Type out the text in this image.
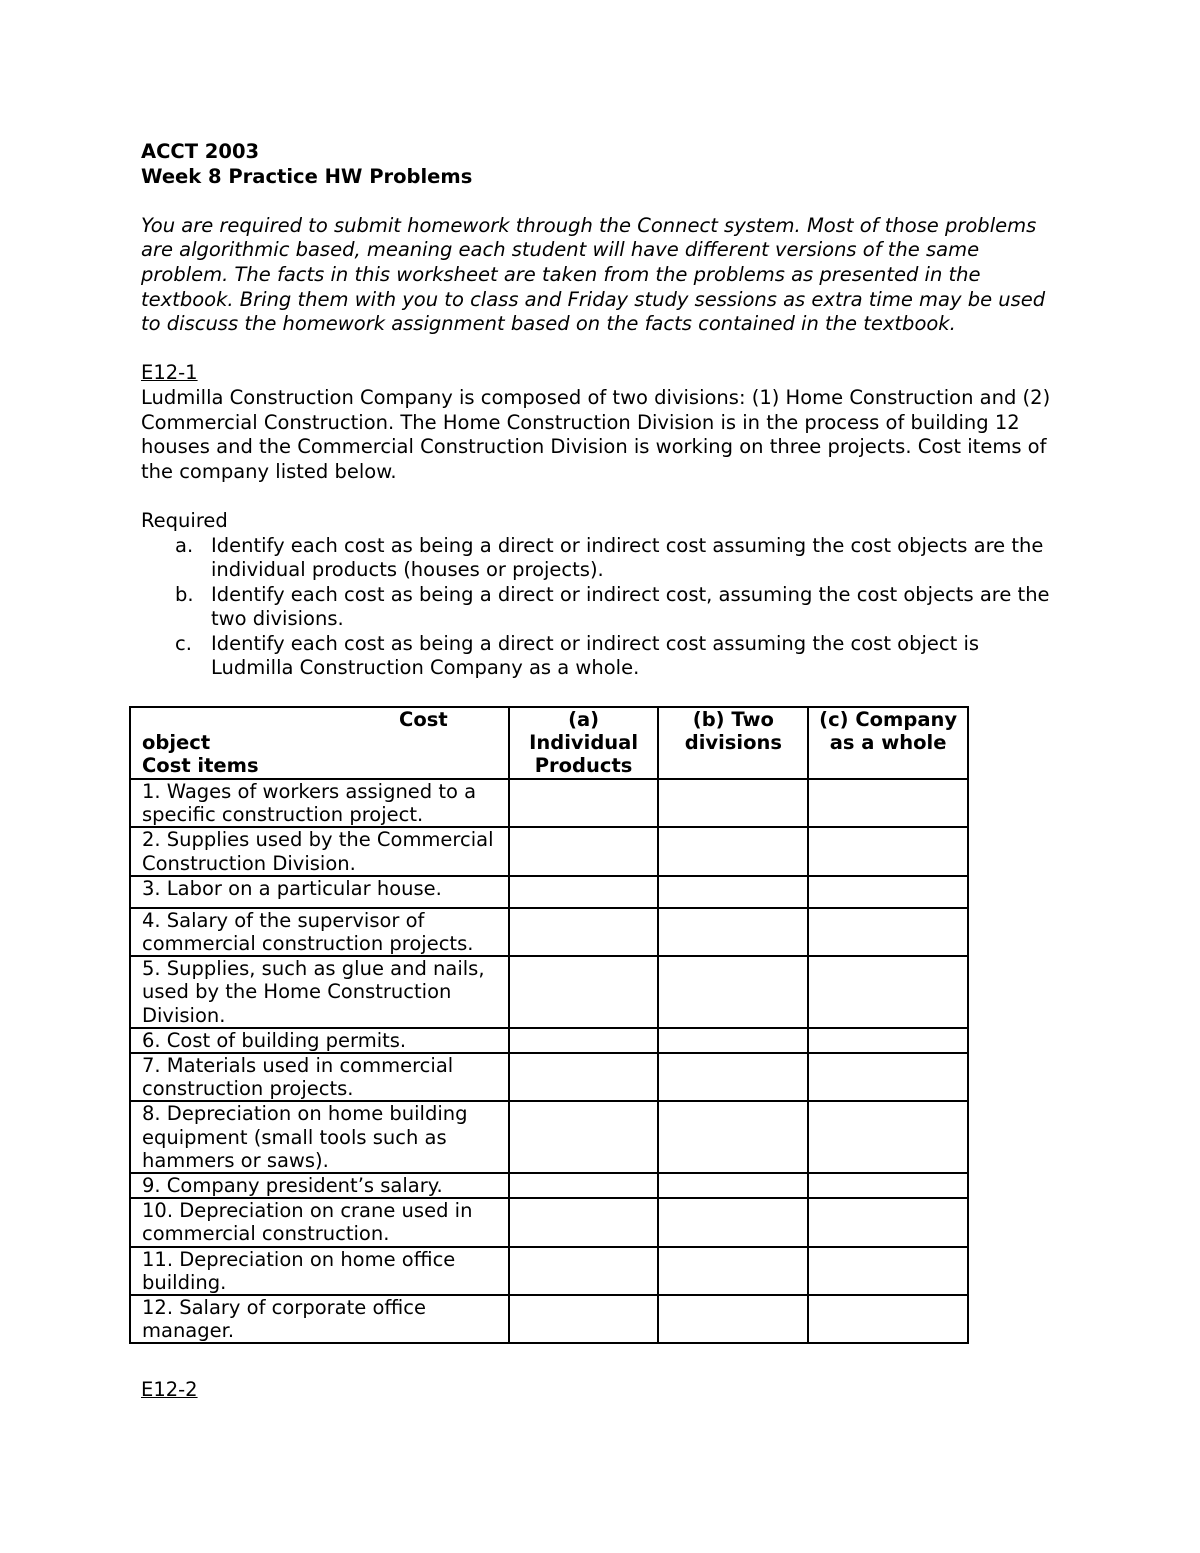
ACCT 2003

Week 8 Practice HW Problems

You are required to submit homework through the Connect system. Most of those problems are algorithmic based, meaning each student will have different versions of the same problem. The facts in this worksheet are taken from the problems as presented in the textbook. Bring them with you to class and Friday study sessions as extra time may be used to discuss the homework assignment based on the facts contained in the textbook.

E12-1

Ludmilla Construction Company is composed of two divisions: (1) Home Construction and (2) Commercial Construction. The Home Construction Division is in the process of building 12 houses and the Commercial Construction Division is working on three projects. Cost items of the company listed below.

Required

a. Identify each cost as being a direct or indirect cost assuming the cost objects are the individual products (houses or projects).
b. Identify each cost as being a direct or indirect cost, assuming the cost objects are the two divisions.
c. Identify each cost as being a direct or indirect cost assuming the cost object is Ludmilla Construction Company as a whole.
Cost
object
Cost items	(a) Individual Products	(b) Two divisions	(c) Company as a whole
1. Wages of workers assigned to a specific construction project.			
2. Supplies used by the Commercial Construction Division.			
3. Labor on a particular house.			
4. Salary of the supervisor of commercial construction projects.			
5. Supplies, such as glue and nails, used by the Home Construction Division.			
6. Cost of building permits.			
7. Materials used in commercial construction projects.			
8. Depreciation on home building equipment (small tools such as hammers or saws).			
9. Company president’s salary.			
10. Depreciation on crane used in commercial construction.			
11. Depreciation on home office building.			
12. Salary of corporate office manager.			

E12-2
